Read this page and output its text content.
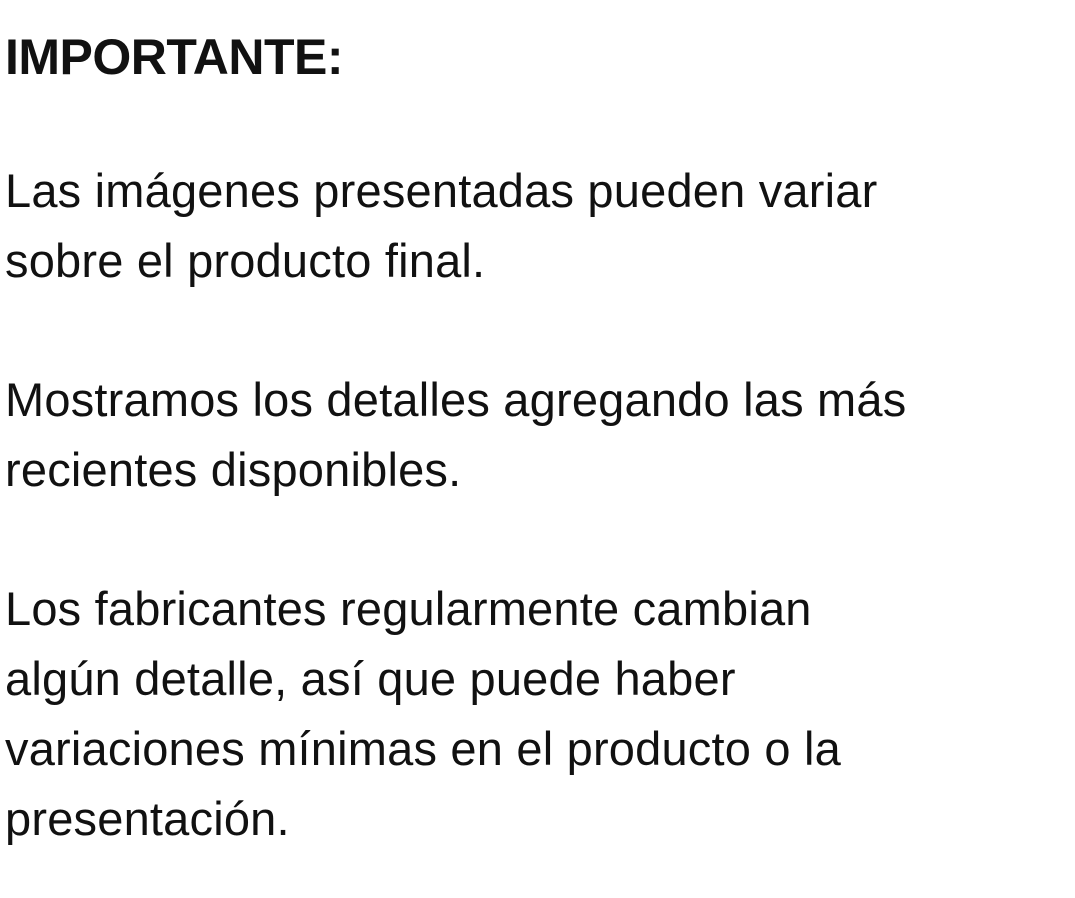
IMPORTANTE:
Las imágenes presentadas pueden variar
sobre el producto final.
Mostramos los detalles agregando las más
recientes disponibles.
Los fabricantes regularmente cambian
algún detalle, así que puede haber
variaciones mínimas en el producto o la
presentación.
